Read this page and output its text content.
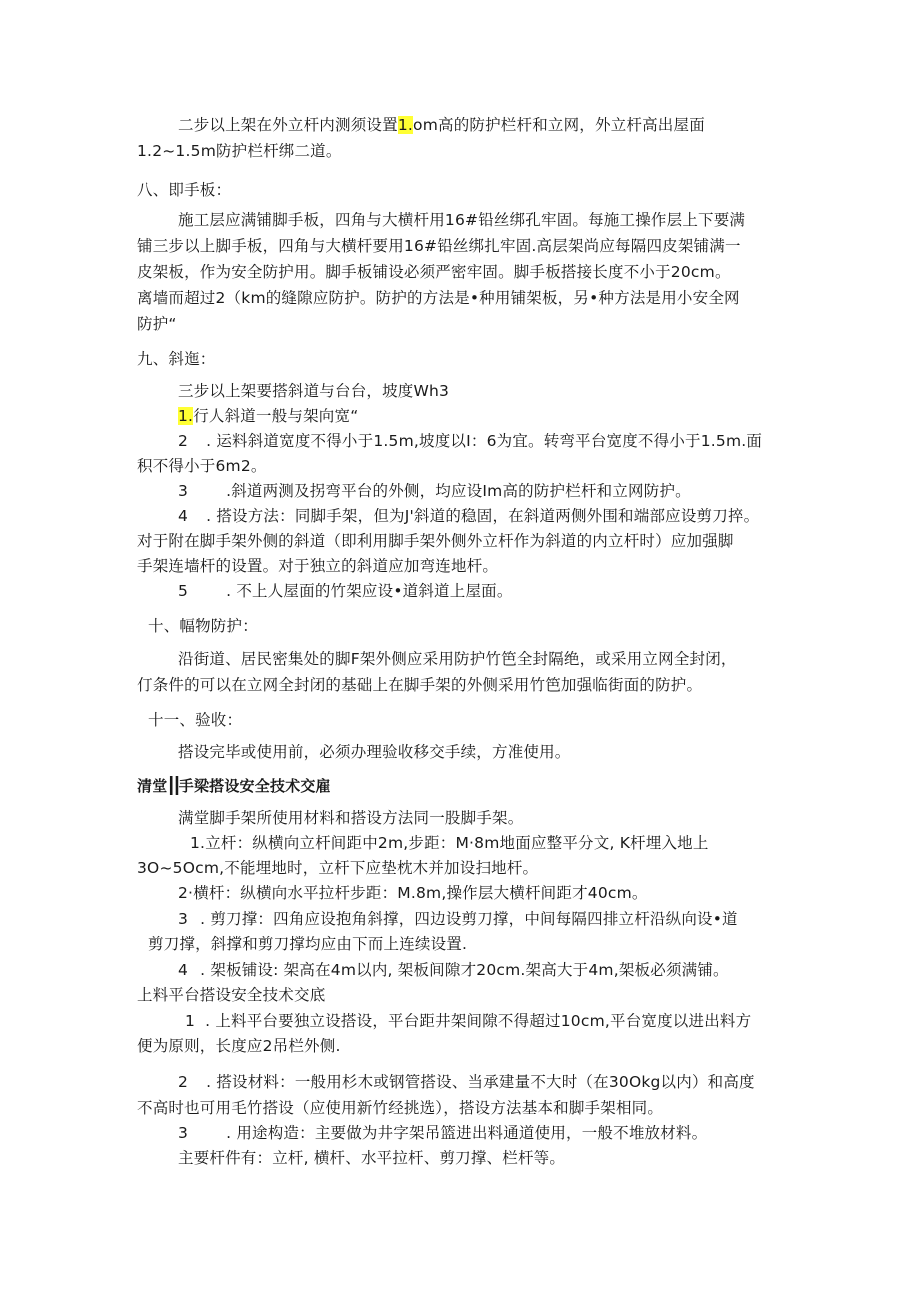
二步以上架在外立杆内测须设置1.om高的防护栏杆和立网，外立杆高出屋面
1.2~1.5m防护栏杆绑二道。
八、即手板：
施工层应满铺脚手板，四角与大横杆用16#铅丝绑孔牢固。每施工操作层上下要满
铺三步以上脚手板，四角与大横杆要用16#铅丝绑扎牢固.高层架尚应每隔四皮架铺满一
皮架板，作为安全防护用。脚手板铺设必须严密牢固。脚手板搭接长度不小于20cm。
离墙而超过2（km的缝隙应防护。防护的方法是•种用铺架板，另•种方法是用小安全网
防护“
九、斜迤：
三步以上架要搭斜道与台台，坡度Wh3
1.行人斜道一般与架向宽“
2 . 运料斜道宽度不得小于1.5m,坡度以I：6为宜。转弯平台宽度不得小于1.5m.面
积不得小于6m2。
3 .斜道两测及拐弯平台的外侧，均应设Im高的防护栏杆和立网防护。
4 . 搭设方法：同脚手架，但为J'斜道的稳固，在斜道两侧外围和端部应设剪刀捽。
对于附在脚手架外侧的斜道（即利用脚手架外侧外立杆作为斜道的内立杆时）应加强脚
手架连墙杆的设置。对于独立的斜道应加弯连地杆。
5 . 不上人屋面的竹架应设•道斜道上屋面。
十、幅物防护：
沿街道、居民密集处的脚F架外侧应采用防护竹笆全封隔绝，或采用立网全封闭，
仃条件的可以在立网全封闭的基础上在脚手架的外侧采用竹笆加强临街面的防护。
十一、验收：
搭设完毕或使用前，必须办理验收移交手续，方准使用。
清堂II手梁搭设安全技术交雇
满堂脚手架所使用材料和搭设方法同一股脚手架。
1.立杆：纵横向立杆间距中2m,步距：M·8m地面应整平分文, K杆埋入地上
3O~5Ocm,不能埋地时，立杆下应垫枕木并加设扫地杆。
2·横杆：纵横向水平拉杆步距：M.8m,操作层大横杆间距才40cm。
3 . 剪刀撑：四角应设抱角斜撑，四边设剪刀撑，中间每隔四排立杆沿纵向设•道
剪刀撑，斜撑和剪刀撑均应由下而上连续设置.
4 . 架板铺设: 架高在4m以内, 架板间隙才20cm.架高大于4m,架板必须满铺。
上料平台搭设安全技术交底
1 . 上料平台要独立设搭设，平台距井架间隙不得超过10cm,平台宽度以进出料方
便为原则，长度应2吊栏外侧.
2 . 搭设材料：一般用杉木或钢管搭设、当承建量不大时（在30Okg以内）和高度
不高时也可用毛竹搭设（应使用新竹经挑选），搭设方法基本和脚手架相同。
3 . 用途构造：主要做为井字架吊篮进出料通道使用，一般不堆放材料。
主要杆件有：立杆, 横杆、水平拉杆、剪刀撑、栏杆等。
